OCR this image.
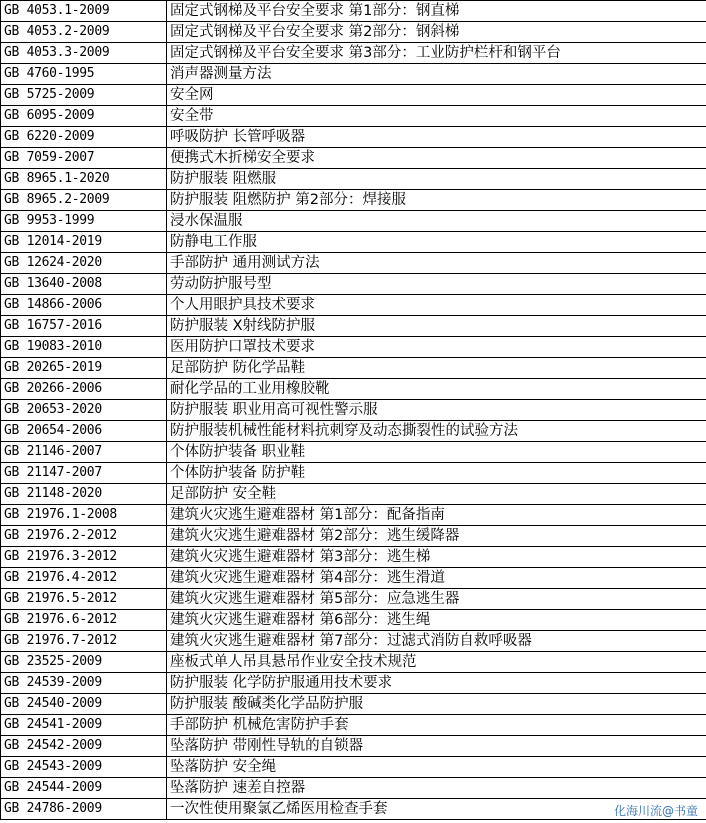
GB 4053.1-2009	固定式钢梯及平台安全要求 第1部分：钢直梯
GB 4053.2-2009	固定式钢梯及平台安全要求 第2部分：钢斜梯
GB 4053.3-2009	固定式钢梯及平台安全要求 第3部分：工业防护栏杆和钢平台
GB 4760-1995	消声器测量方法
GB 5725-2009	安全网
GB 6095-2009	安全带
GB 6220-2009	呼吸防护 长管呼吸器
GB 7059-2007	便携式木折梯安全要求
GB 8965.1-2020	防护服装 阻燃服
GB 8965.2-2009	防护服装 阻燃防护 第2部分：焊接服
GB 9953-1999	浸水保温服
GB 12014-2019	防静电工作服
GB 12624-2020	手部防护 通用测试方法
GB 13640-2008	劳动防护服号型
GB 14866-2006	个人用眼护具技术要求
GB 16757-2016	防护服装 X射线防护服
GB 19083-2010	医用防护口罩技术要求
GB 20265-2019	足部防护 防化学品鞋
GB 20266-2006	耐化学品的工业用橡胶靴
GB 20653-2020	防护服装 职业用高可视性警示服
GB 20654-2006	防护服装机械性能材料抗刺穿及动态撕裂性的试验方法
GB 21146-2007	个体防护装备 职业鞋
GB 21147-2007	个体防护装备 防护鞋
GB 21148-2020	足部防护 安全鞋
GB 21976.1-2008	建筑火灾逃生避难器材 第1部分：配备指南
GB 21976.2-2012	建筑火灾逃生避难器材 第2部分：逃生缓降器
GB 21976.3-2012	建筑火灾逃生避难器材 第3部分：逃生梯
GB 21976.4-2012	建筑火灾逃生避难器材 第4部分：逃生滑道
GB 21976.5-2012	建筑火灾逃生避难器材 第5部分：应急逃生器
GB 21976.6-2012	建筑火灾逃生避难器材 第6部分：逃生绳
GB 21976.7-2012	建筑火灾逃生避难器材 第7部分：过滤式消防自救呼吸器
GB 23525-2009	座板式单人吊具悬吊作业安全技术规范
GB 24539-2009	防护服装 化学防护服通用技术要求
GB 24540-2009	防护服装 酸碱类化学品防护服
GB 24541-2009	手部防护 机械危害防护手套
GB 24542-2009	坠落防护 带刚性导轨的自锁器
GB 24543-2009	坠落防护 安全绳
GB 24544-2009	坠落防护 速差自控器
GB 24786-2009	一次性使用聚氯乙烯医用检查手套	化海川流@书童
